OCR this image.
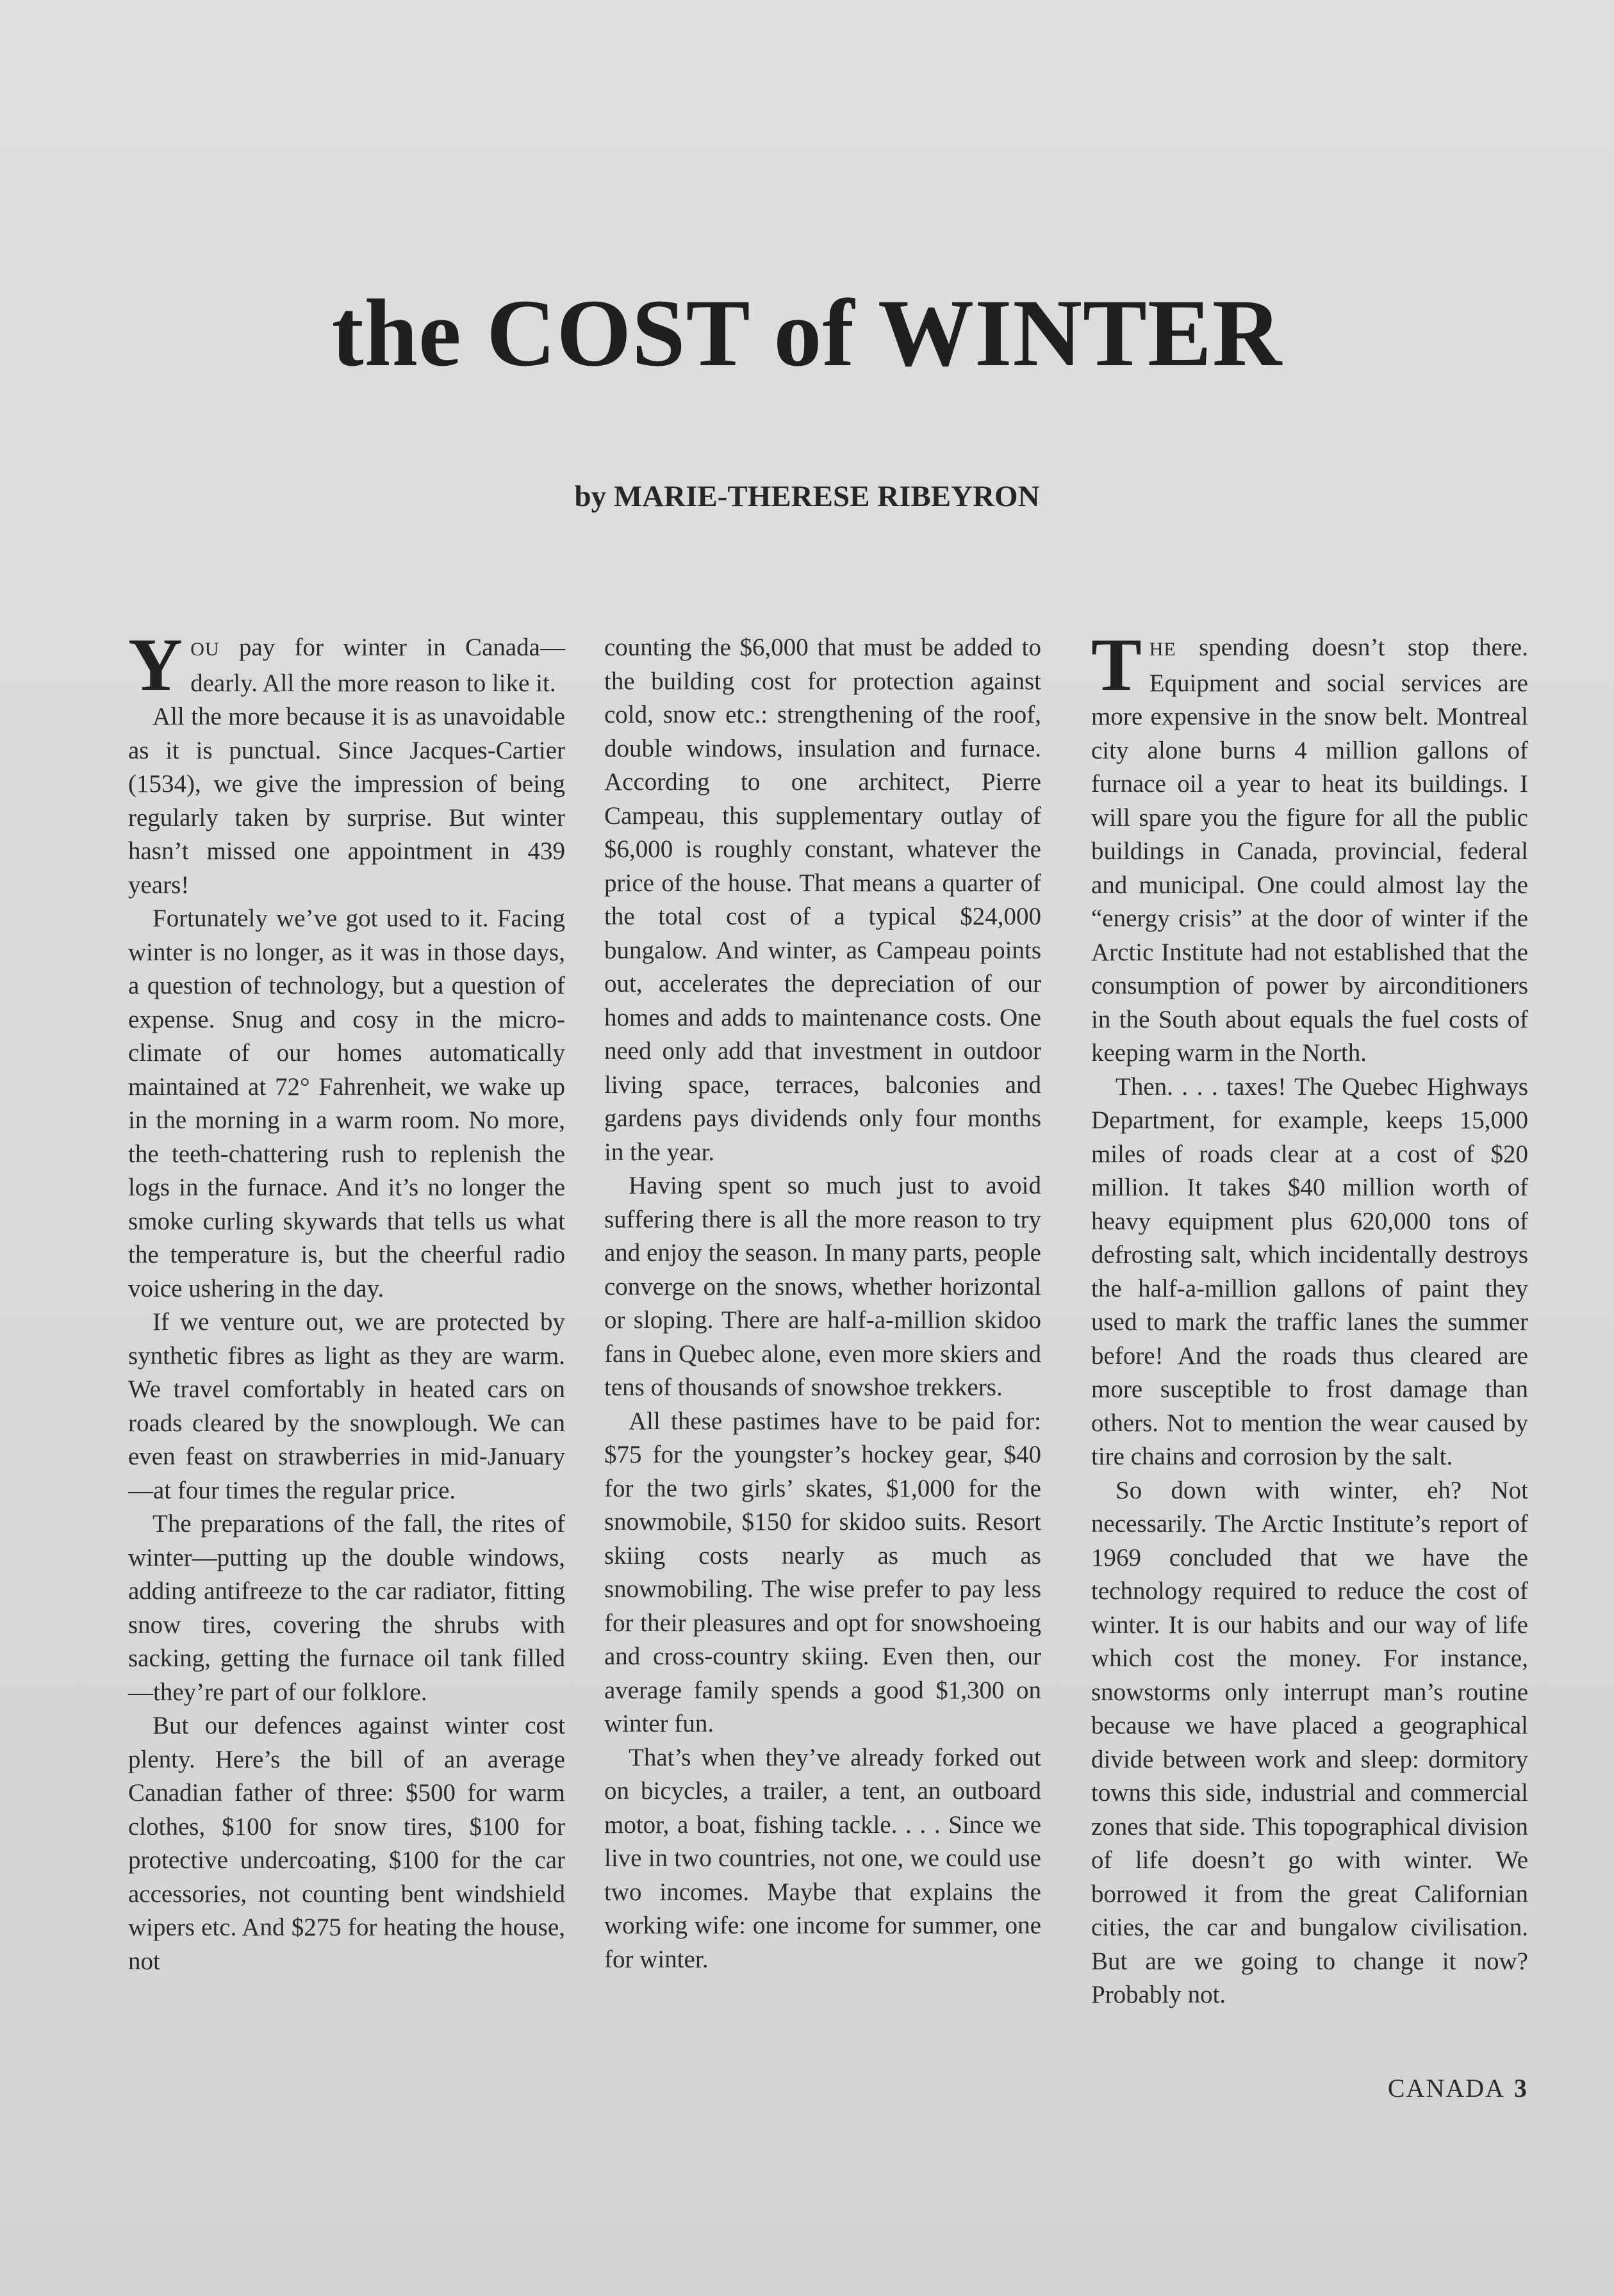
the COST of WINTER
by MARIE-THERESE RIBEYRON

YOU pay for winter in Canada—dearly. All the more reason to like it.

All the more because it is as unavoidable as it is punctual. Since Jacques-Cartier (1534), we give the impression of being regularly taken by surprise. But winter hasn’t missed one appointment in 439 years!

Fortunately we’ve got used to it. Facing winter is no longer, as it was in those days, a question of technology, but a question of expense. Snug and cosy in the micro-climate of our homes automatically maintained at 72° Fahrenheit, we wake up in the morning in a warm room. No more, the teeth-chattering rush to replenish the logs in the furnace. And it’s no longer the smoke curling skywards that tells us what the temperature is, but the cheerful radio voice ushering in the day.

If we venture out, we are protected by synthetic fibres as light as they are warm. We travel comfortably in heated cars on roads cleared by the snowplough. We can even feast on strawberries in mid-January—at four times the regular price.

The preparations of the fall, the rites of winter—putting up the double windows, adding antifreeze to the car radiator, fitting snow tires, covering the shrubs with sacking, getting the furnace oil tank filled—they’re part of our folklore.

But our defences against winter cost plenty. Here’s the bill of an average Canadian father of three: $500 for warm clothes, $100 for snow tires, $100 for protective undercoating, $100 for the car accessories, not counting bent windshield wipers etc. And $275 for heating the house, not

counting the $6,000 that must be added to the building cost for protection against cold, snow etc.: strengthening of the roof, double windows, insulation and furnace. According to one architect, Pierre Campeau, this supplementary outlay of $6,000 is roughly constant, whatever the price of the house. That means a quarter of the total cost of a typical $24,000 bungalow. And winter, as Campeau points out, accelerates the depreciation of our homes and adds to maintenance costs. One need only add that investment in outdoor living space, terraces, balconies and gardens pays dividends only four months in the year.

Having spent so much just to avoid suffering there is all the more reason to try and enjoy the season. In many parts, people converge on the snows, whether horizontal or sloping. There are half-a-million skidoo fans in Quebec alone, even more skiers and tens of thousands of snowshoe trekkers.

All these pastimes have to be paid for: $75 for the youngster’s hockey gear, $40 for the two girls’ skates, $1,000 for the snowmobile, $150 for skidoo suits. Resort skiing costs nearly as much as snowmobiling. The wise prefer to pay less for their pleasures and opt for snowshoeing and cross-country skiing. Even then, our average family spends a good $1,300 on winter fun.

That’s when they’ve already forked out on bicycles, a trailer, a tent, an outboard motor, a boat, fishing tackle. . . . Since we live in two countries, not one, we could use two incomes. Maybe that explains the working wife: one income for summer, one for winter.

THE spending doesn’t stop there. Equipment and social services are more expensive in the snow belt. Montreal city alone burns 4 million gallons of furnace oil a year to heat its buildings. I will spare you the figure for all the public buildings in Canada, provincial, federal and municipal. One could almost lay the “energy crisis” at the door of winter if the Arctic Institute had not established that the consumption of power by airconditioners in the South about equals the fuel costs of keeping warm in the North.

Then. . . . taxes! The Quebec Highways Department, for example, keeps 15,000 miles of roads clear at a cost of $20 million. It takes $40 million worth of heavy equipment plus 620,000 tons of defrosting salt, which incidentally destroys the half-a-million gallons of paint they used to mark the traffic lanes the summer before! And the roads thus cleared are more susceptible to frost damage than others. Not to mention the wear caused by tire chains and corrosion by the salt.

So down with winter, eh? Not necessarily. The Arctic Institute’s report of 1969 concluded that we have the technology required to reduce the cost of winter. It is our habits and our way of life which cost the money. For instance, snowstorms only interrupt man’s routine because we have placed a geographical divide between work and sleep: dormitory towns this side, industrial and commercial zones that side. This topographical division of life doesn’t go with winter. We borrowed it from the great Californian cities, the car and bungalow civilisation. But are we going to change it now? Probably not.

CANADA 3
